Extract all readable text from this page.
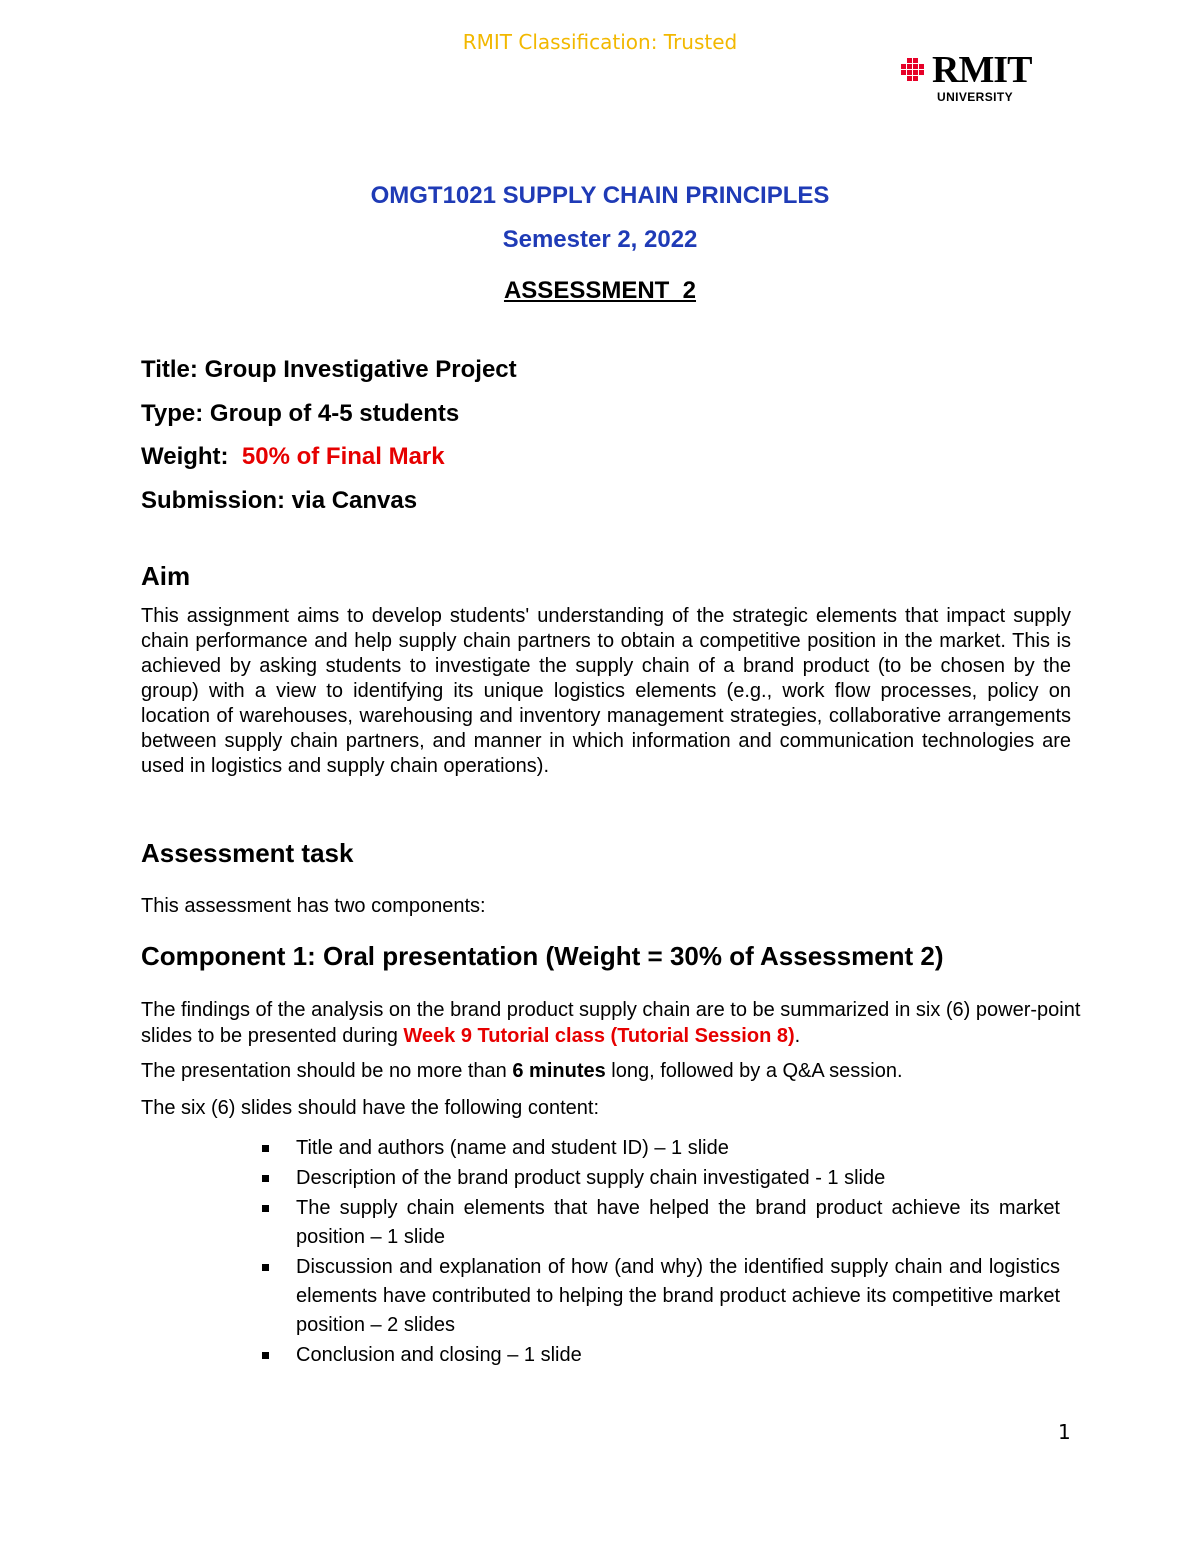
RMIT Classification: Trusted
RMIT
UNIVERSITY
OMGT1021 SUPPLY CHAIN PRINCIPLES
Semester 2, 2022
ASSESSMENT  2
Title: Group Investigative Project
Type: Group of 4-5 students
Weight:  50% of Final Mark
Submission: via Canvas
Aim

This assignment aims to develop students' understanding of the strategic elements that impact supply chain performance and help supply chain partners to obtain a competitive position in the market. This is achieved by asking students to investigate the supply chain of a brand product (to be chosen by the group) with a view to identifying its unique logistics elements (e.g., work flow processes, policy on location of warehouses, warehousing and inventory management strategies, collaborative arrangements between supply chain partners, and manner in which information and communication technologies are used in logistics and supply chain operations).

Assessment task

This assessment has two components:

Component 1: Oral presentation (Weight = 30% of Assessment 2)

The findings of the analysis on the brand product supply chain are to be summarized in six (6) power-point slides to be presented during Week 9 Tutorial class (Tutorial Session 8).

The presentation should be no more than 6 minutes long, followed by a Q&A session.

The six (6) slides should have the following content:

Title and authors (name and student ID) – 1 slide
Description of the brand product supply chain investigated - 1 slide
The supply chain elements that have helped the brand product achieve its market position – 1 slide
Discussion and explanation of how (and why) the identified supply chain and logistics elements have contributed to helping the brand product achieve its competitive market position – 2 slides
Conclusion and closing – 1 slide
1
